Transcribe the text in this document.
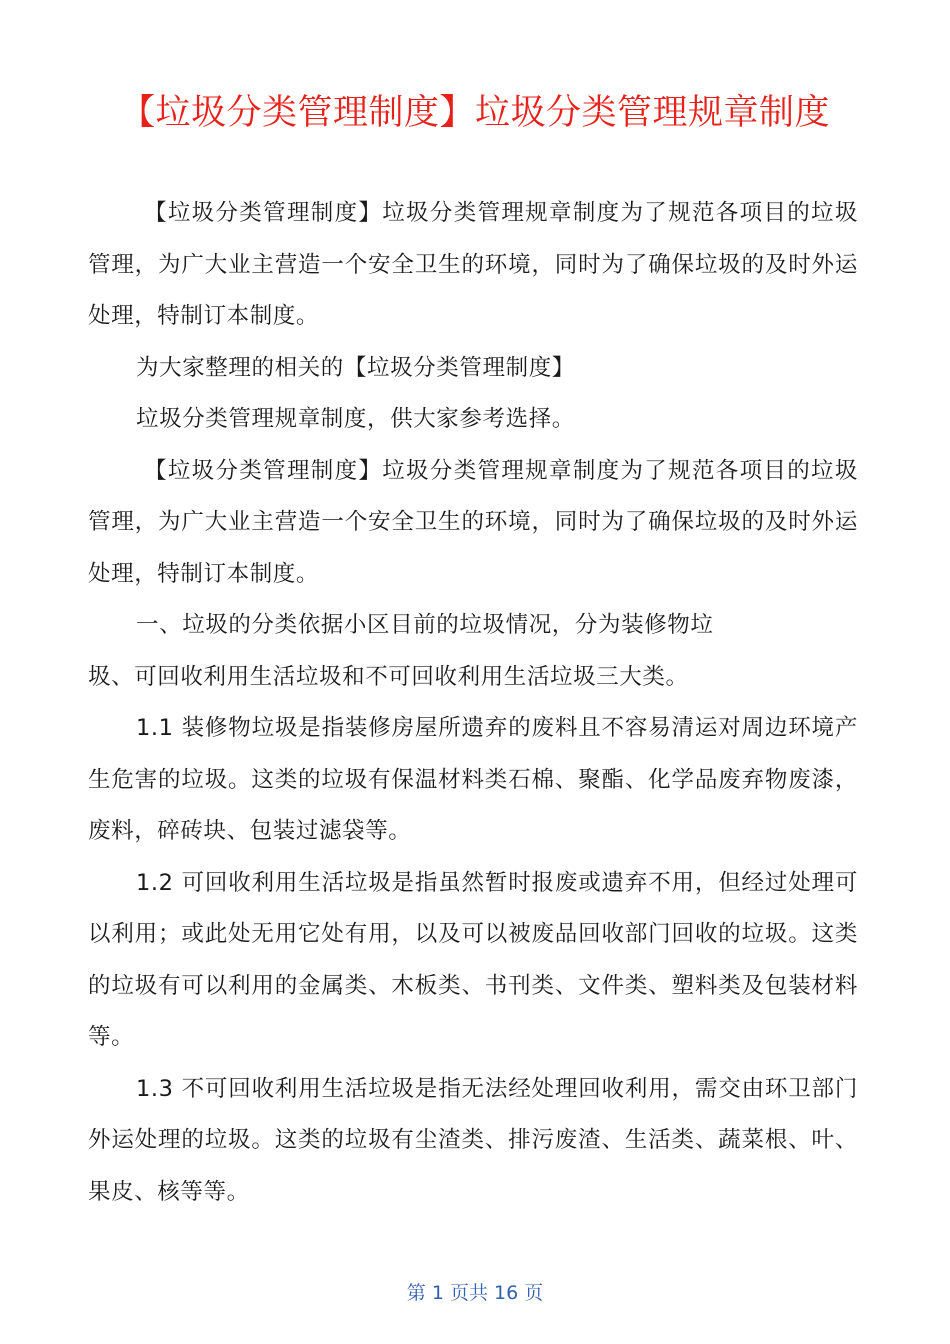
【垃圾分类管理制度】垃圾分类管理规章制度

【垃圾分类管理制度】垃圾分类管理规章制度为了规范各项目的垃圾管理，为广大业主营造一个安全卫生的环境，同时为了确保垃圾的及时外运处理，特制订本制度。

为大家整理的相关的【垃圾分类管理制度】

垃圾分类管理规章制度，供大家参考选择。

【垃圾分类管理制度】垃圾分类管理规章制度为了规范各项目的垃圾管理，为广大业主营造一个安全卫生的环境，同时为了确保垃圾的及时外运处理，特制订本制度。

一、垃圾的分类依据小区目前的垃圾情况，分为装修物垃

圾、可回收利用生活垃圾和不可回收利用生活垃圾三大类。

1.1 装修物垃圾是指装修房屋所遗弃的废料且不容易清运对周边环境产生危害的垃圾。这类的垃圾有保温材料类石棉、聚酯、化学品废弃物废漆，废料，碎砖块、包装过滤袋等。

1.2 可回收利用生活垃圾是指虽然暂时报废或遗弃不用，但经过处理可以利用；或此处无用它处有用，以及可以被废品回收部门回收的垃圾。这类的垃圾有可以利用的金属类、木板类、书刊类、文件类、塑料类及包装材料等。

1.3 不可回收利用生活垃圾是指无法经处理回收利用，需交由环卫部门外运处理的垃圾。这类的垃圾有尘渣类、排污废渣、生活类、蔬菜根、叶、果皮、核等等。

第 1 页共 16 页
